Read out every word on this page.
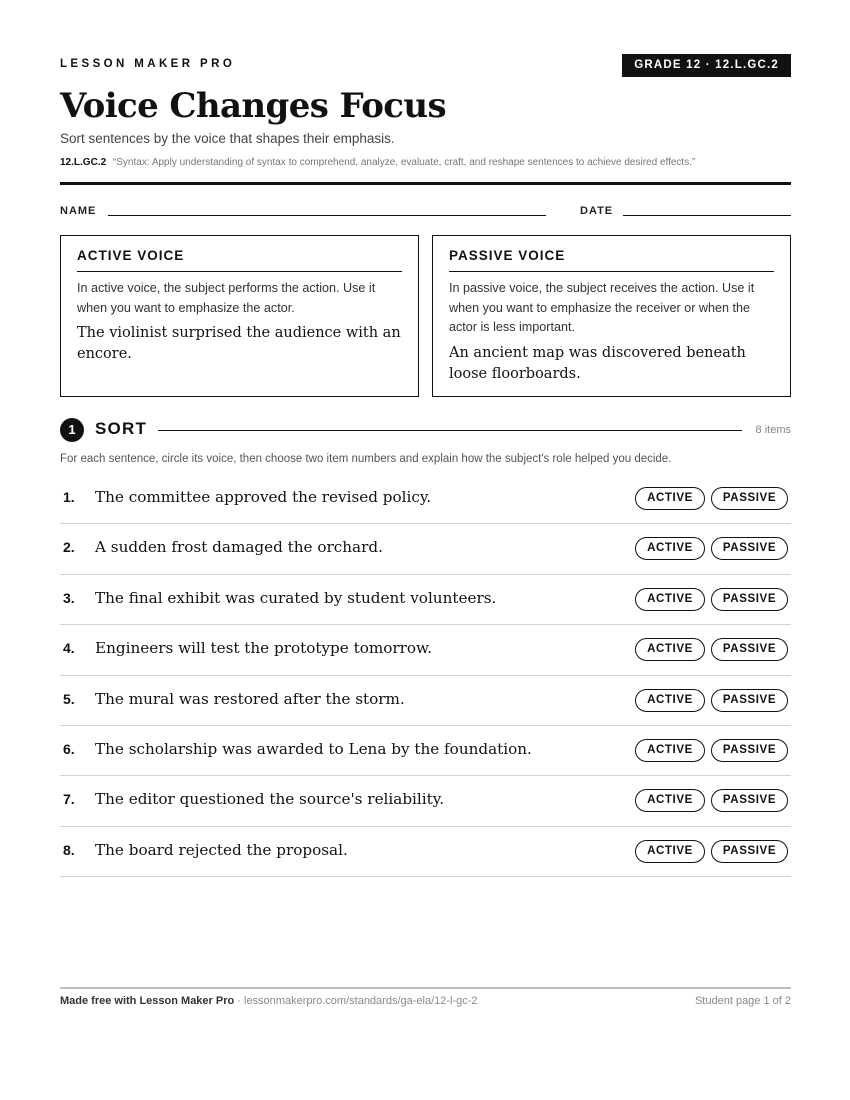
LESSON MAKER PRO	GRADE 12 · 12.L.GC.2
Voice Changes Focus
Sort sentences by the voice that shapes their emphasis.
12.L.GC.2 “Syntax: Apply understanding of syntax to comprehend, analyze, evaluate, craft, and reshape sentences to achieve desired effects.”
NAME	DATE
ACTIVE VOICE

In active voice, the subject performs the action. Use it when you want to emphasize the actor.

The violinist surprised the audience with an encore.

PASSIVE VOICE

In passive voice, the subject receives the action. Use it when you want to emphasize the receiver or when the actor is less important.

An ancient map was discovered beneath loose floorboards.

1	SORT	8 items
For each sentence, circle its voice, then choose two item numbers and explain how the subject's role helped you decide.
1. The committee approved the revised policy.	ACTIVE	PASSIVE
2. A sudden frost damaged the orchard.	ACTIVE	PASSIVE
3. The final exhibit was curated by student volunteers.	ACTIVE	PASSIVE
4. Engineers will test the prototype tomorrow.	ACTIVE	PASSIVE
5. The mural was restored after the storm.	ACTIVE	PASSIVE
6. The scholarship was awarded to Lena by the foundation.	ACTIVE	PASSIVE
7. The editor questioned the source's reliability.	ACTIVE	PASSIVE
8. The board rejected the proposal.	ACTIVE	PASSIVE
Made free with Lesson Maker Pro · lessonmakerpro.com/standards/ga-ela/12-l-gc-2	Student page 1 of 2
